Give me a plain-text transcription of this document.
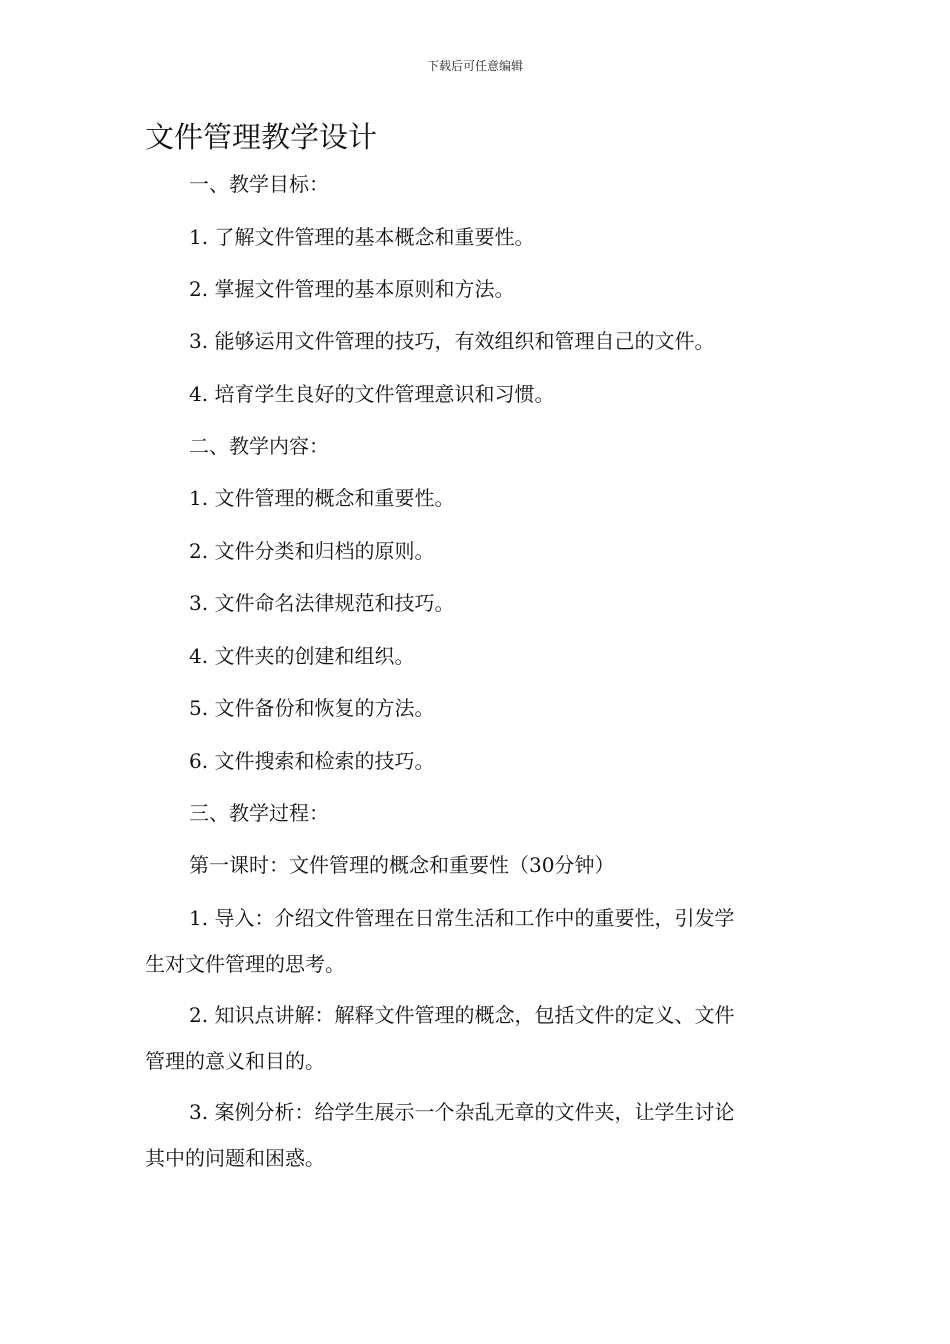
下载后可任意编辑
文件管理教学设计
一、教学目标：
1. 了解文件管理的基本概念和重要性。
2. 掌握文件管理的基本原则和方法。
3. 能够运用文件管理的技巧，有效组织和管理自己的文件。
4. 培育学生良好的文件管理意识和习惯。
二、教学内容：
1. 文件管理的概念和重要性。
2. 文件分类和归档的原则。
3. 文件命名法律规范和技巧。
4. 文件夹的创建和组织。
5. 文件备份和恢复的方法。
6. 文件搜索和检索的技巧。
三、教学过程：
第一课时：文件管理的概念和重要性（30分钟）
1. 导入：介绍文件管理在日常生活和工作中的重要性，引发学
生对文件管理的思考。
2. 知识点讲解：解释文件管理的概念，包括文件的定义、文件
管理的意义和目的。
3. 案例分析：给学生展示一个杂乱无章的文件夹，让学生讨论
其中的问题和困惑。
